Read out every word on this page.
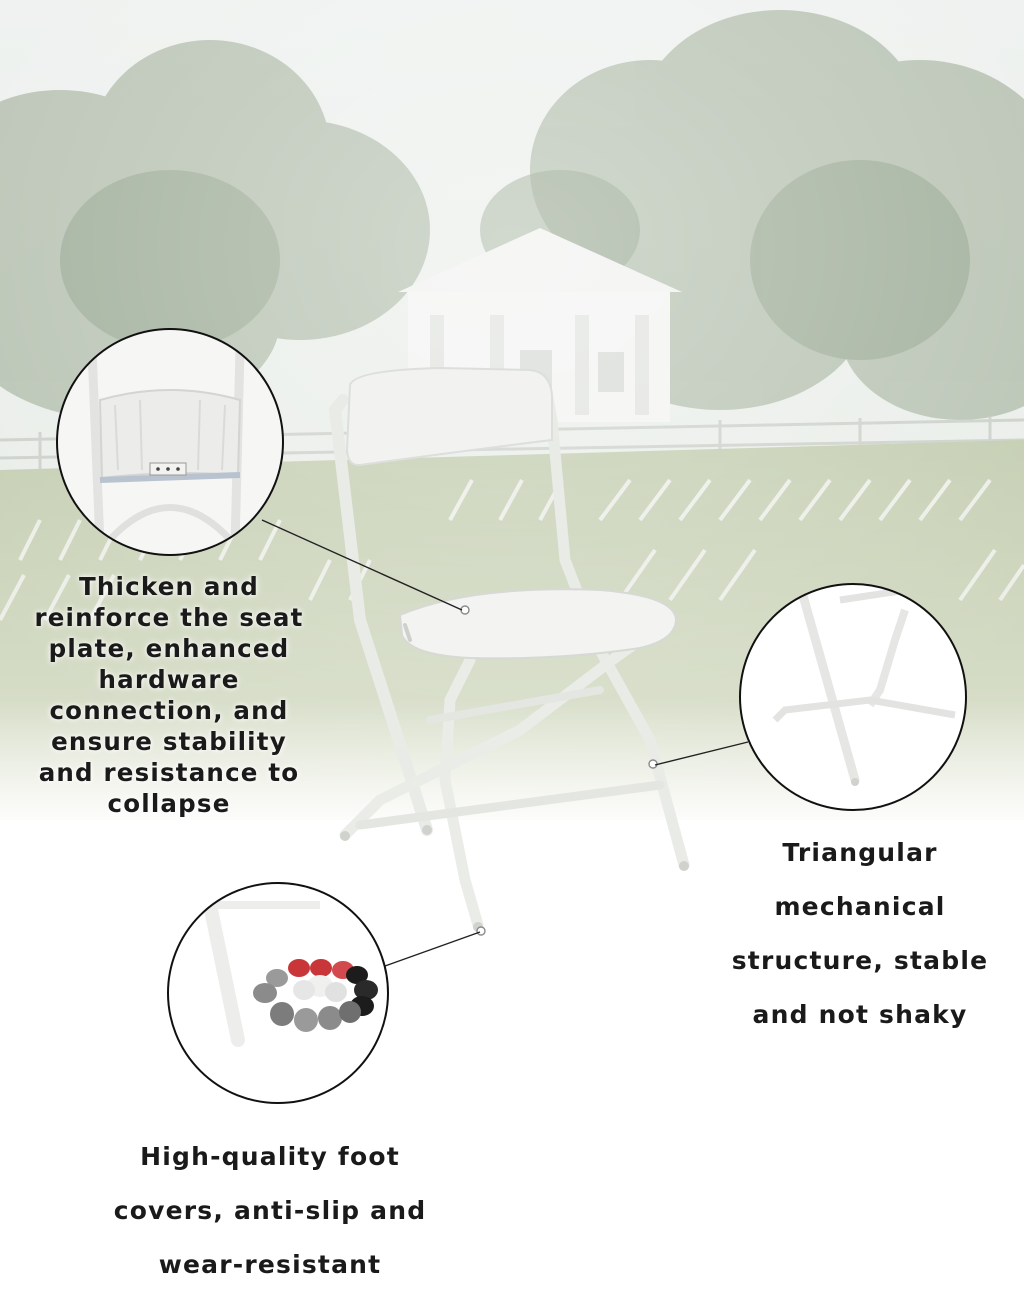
Thicken and
reinforce the seat
plate, enhanced
hardware
connection, and
ensure stability
and resistance to
collapse

Triangular
mechanical
structure, stable
and not shaky

High-quality foot
covers, anti-slip and
wear-resistant
